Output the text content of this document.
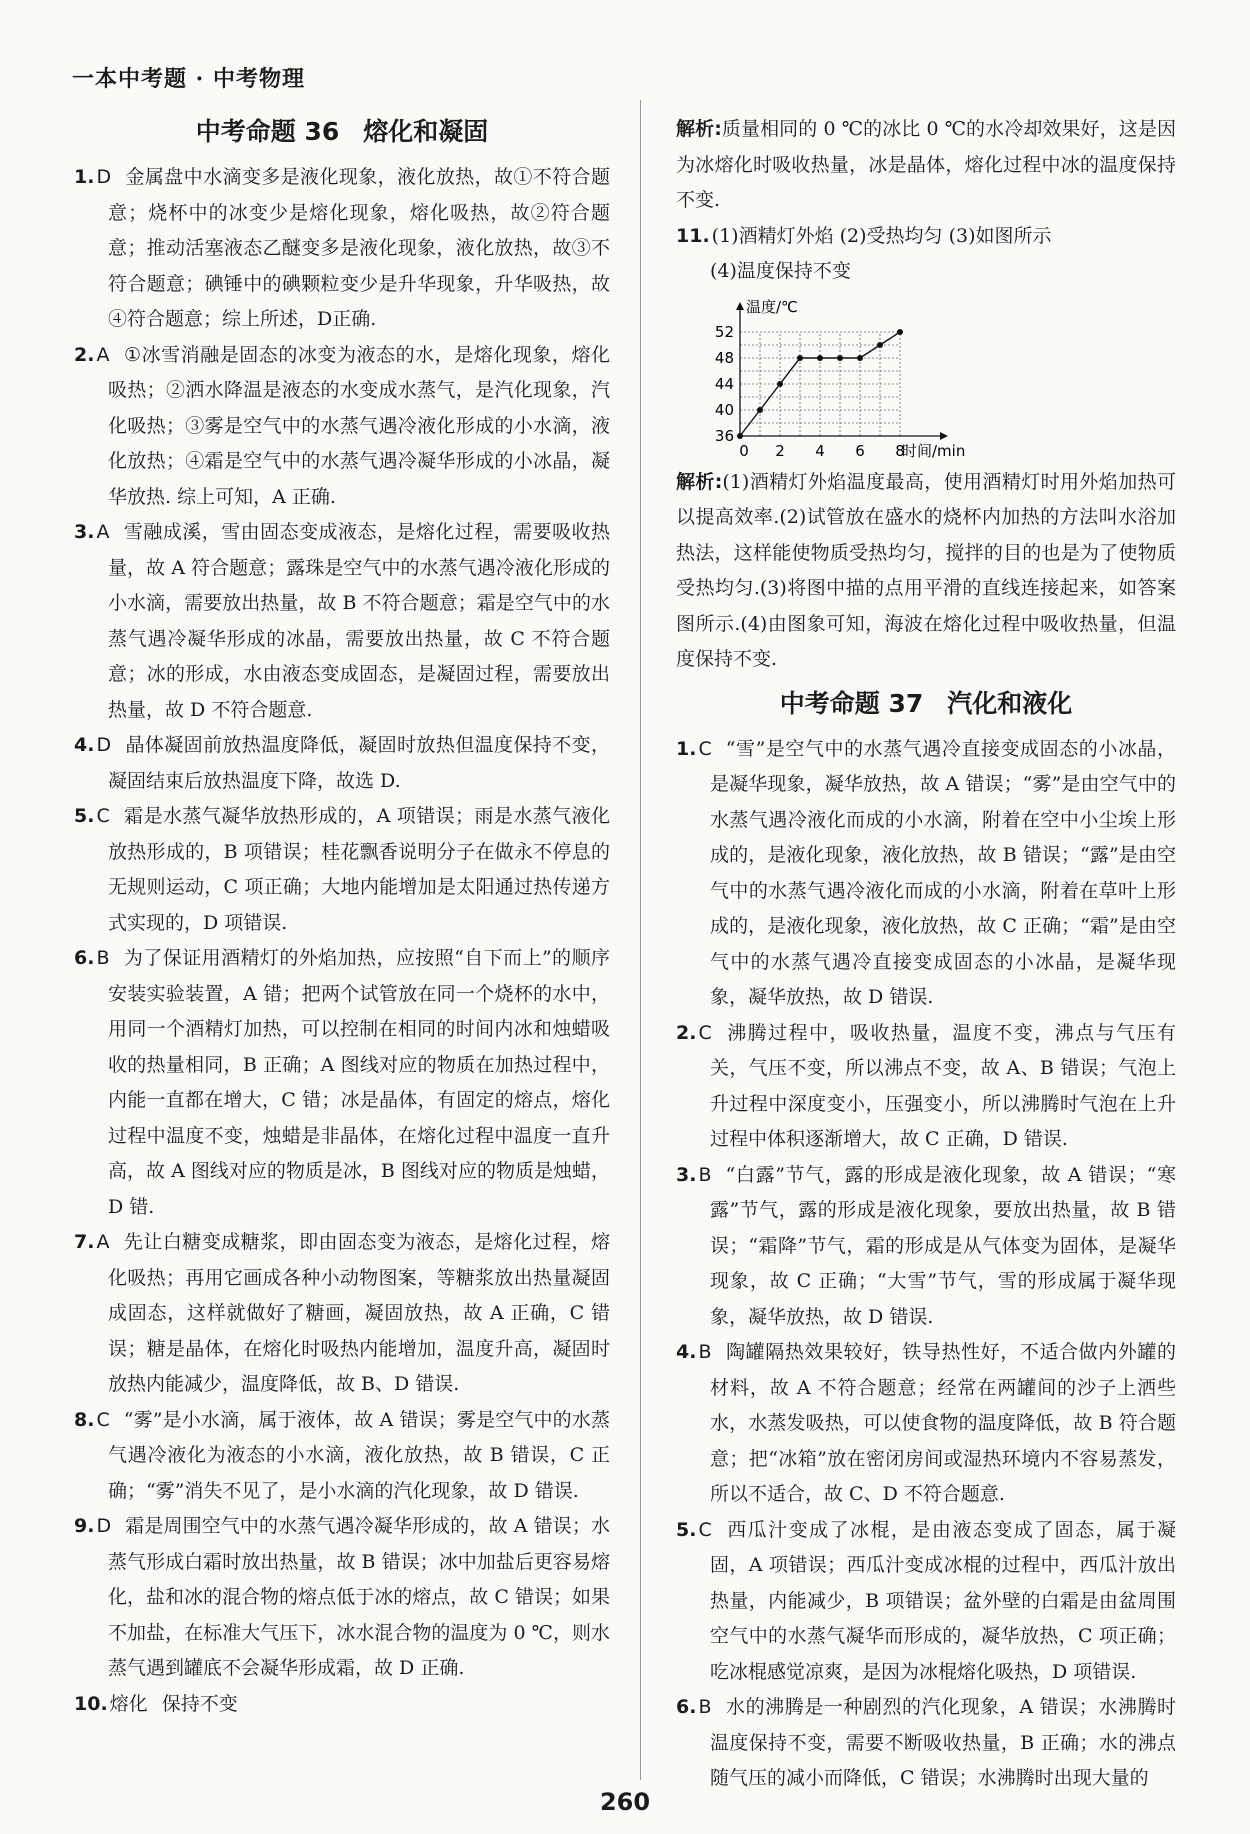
一本中考题 · 中考物理
中考命题 36 熔化和凝固
1. D 金属盘中水滴变多是液化现象，液化放热，故①不符合题意；烧杯中的冰变少是熔化现象，熔化吸热，故②符合题意；推动活塞液态乙醚变多是液化现象，液化放热，故③不符合题意；碘锤中的碘颗粒变少是升华现象，升华吸热，故④符合题意；综上所述，D正确.
2. A ①冰雪消融是固态的冰变为液态的水，是熔化现象，熔化吸热；②洒水降温是液态的水变成水蒸气，是汽化现象，汽化吸热；③雾是空气中的水蒸气遇冷液化形成的小水滴，液化放热；④霜是空气中的水蒸气遇冷凝华形成的小冰晶，凝华放热. 综上可知，A 正确.
3. A 雪融成溪，雪由固态变成液态，是熔化过程，需要吸收热量，故 A 符合题意；露珠是空气中的水蒸气遇冷液化形成的小水滴，需要放出热量，故 B 不符合题意；霜是空气中的水蒸气遇冷凝华形成的冰晶，需要放出热量，故 C 不符合题意；冰的形成，水由液态变成固态，是凝固过程，需要放出热量，故 D 不符合题意.
4. D 晶体凝固前放热温度降低，凝固时放热但温度保持不变，凝固结束后放热温度下降，故选 D.
5. C 霜是水蒸气凝华放热形成的，A 项错误；雨是水蒸气液化放热形成的，B 项错误；桂花飘香说明分子在做永不停息的无规则运动，C 项正确；大地内能增加是太阳通过热传递方式实现的，D 项错误.
6. B 为了保证用酒精灯的外焰加热，应按照“自下而上”的顺序安装实验装置，A 错；把两个试管放在同一个烧杯的水中，用同一个酒精灯加热，可以控制在相同的时间内冰和烛蜡吸收的热量相同，B 正确；A 图线对应的物质在加热过程中，内能一直都在增大，C 错；冰是晶体，有固定的熔点，熔化过程中温度不变，烛蜡是非晶体，在熔化过程中温度一直升高，故 A 图线对应的物质是冰，B 图线对应的物质是烛蜡，D 错.
7. A 先让白糖变成糖浆，即由固态变为液态，是熔化过程，熔化吸热；再用它画成各种小动物图案，等糖浆放出热量凝固成固态，这样就做好了糖画，凝固放热，故 A 正确，C 错误；糖是晶体，在熔化时吸热内能增加，温度升高，凝固时放热内能减少，温度降低，故 B、D 错误.
8. C “雾”是小水滴，属于液体，故 A 错误；雾是空气中的水蒸气遇冷液化为液态的小水滴，液化放热，故 B 错误，C 正确；“雾”消失不见了，是小水滴的汽化现象，故 D 错误.
9. D 霜是周围空气中的水蒸气遇冷凝华形成的，故 A 错误；水蒸气形成白霜时放出热量，故 B 错误；冰中加盐后更容易熔化，盐和冰的混合物的熔点低于冰的熔点，故 C 错误；如果不加盐，在标准大气压下，冰水混合物的温度为 0 ℃，则水蒸气遇到罐底不会凝华形成霜，故 D 正确.
10. 熔化 保持不变
解析:质量相同的 0 ℃的冰比 0 ℃的水冷却效果好，这是因为冰熔化时吸收热量，冰是晶体，熔化过程中冰的温度保持不变.
11. (1)酒精灯外焰 (2)受热均匀 (3)如图所示
(4)温度保持不变
温度/℃
时间/min
36
40
44
48
52
0 2 4 6 8
解析:(1)酒精灯外焰温度最高，使用酒精灯时用外焰加热可以提高效率.(2)试管放在盛水的烧杯内加热的方法叫水浴加热法，这样能使物质受热均匀，搅拌的目的也是为了使物质受热均匀.(3)将图中描的点用平滑的直线连接起来，如答案图所示.(4)由图象可知，海波在熔化过程中吸收热量，但温度保持不变.
中考命题 37 汽化和液化
1. C “雪”是空气中的水蒸气遇冷直接变成固态的小冰晶，是凝华现象，凝华放热，故 A 错误；“雾”是由空气中的水蒸气遇冷液化而成的小水滴，附着在空中小尘埃上形成的，是液化现象，液化放热，故 B 错误；“露”是由空气中的水蒸气遇冷液化而成的小水滴，附着在草叶上形成的，是液化现象，液化放热，故 C 正确；“霜”是由空气中的水蒸气遇冷直接变成固态的小冰晶，是凝华现象，凝华放热，故 D 错误.
2. C 沸腾过程中，吸收热量，温度不变，沸点与气压有关，气压不变，所以沸点不变，故 A、B 错误；气泡上升过程中深度变小，压强变小，所以沸腾时气泡在上升过程中体积逐渐增大，故 C 正确，D 错误.
3. B “白露”节气，露的形成是液化现象，故 A 错误；“寒露”节气，露的形成是液化现象，要放出热量，故 B 错误；“霜降”节气，霜的形成是从气体变为固体，是凝华现象，故 C 正确；“大雪”节气，雪的形成属于凝华现象，凝华放热，故 D 错误.
4. B 陶罐隔热效果较好，铁导热性好，不适合做内外罐的材料，故 A 不符合题意；经常在两罐间的沙子上洒些水，水蒸发吸热，可以使食物的温度降低，故 B 符合题意；把“冰箱”放在密闭房间或湿热环境内不容易蒸发，所以不适合，故 C、D 不符合题意.
5. C 西瓜汁变成了冰棍，是由液态变成了固态，属于凝固，A 项错误；西瓜汁变成冰棍的过程中，西瓜汁放出热量，内能减少，B 项错误；盆外壁的白霜是由盆周围空气中的水蒸气凝华而形成的，凝华放热，C 项正确；吃冰棍感觉凉爽，是因为冰棍熔化吸热，D 项错误.
6. B 水的沸腾是一种剧烈的汽化现象，A 错误；水沸腾时温度保持不变，需要不断吸收热量，B 正确；水的沸点随气压的减小而降低，C 错误；水沸腾时出现大量的
260
